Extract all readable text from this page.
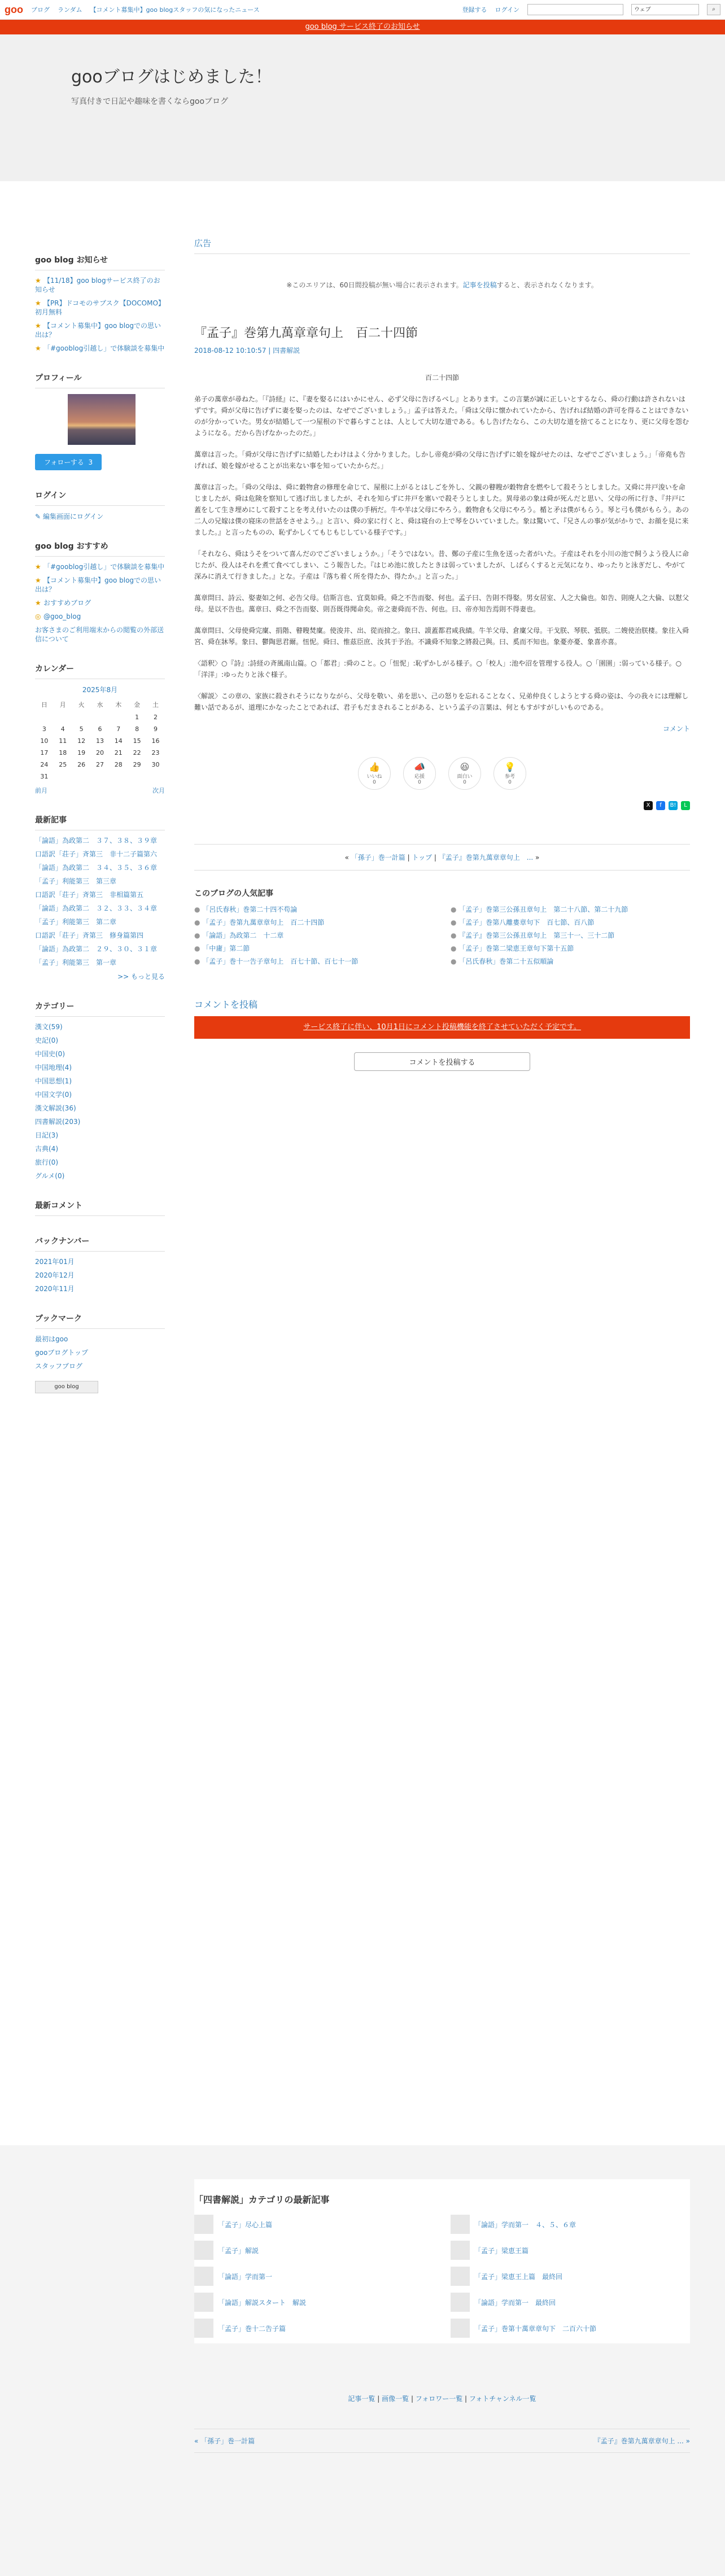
goo ブログ ランダム 【コメント募集中】goo blogスタッフの気になったニュース	登録する ログイン	ウェブ	⌕
goo blog サービス終了のお知らせ
gooブログはじめました！
写真付きで日記や趣味を書くならgooブログ
goo blog お知らせ
★ 【11/18】goo blogサービス終了のお知らせ
★ 【PR】ドコモのサブスク【DOCOMO】初月無料
★ 【コメント募集中】goo blogでの思い出は？
★ 「#gooblog引越し」で体験談を募集中
プロフィール
フォローする 3
ログイン
✎ 編集画面にログイン
goo blog おすすめ
★ 「#gooblog引越し」で体験談を募集中
★ 【コメント募集中】goo blogでの思い出は？
★ おすすめブログ
◎ @goo_blog
お客さまのご利用端末からの閲覧の外部送信について
カレンダー
2025年8月
日	月	火	水	木	金	土
					1	2
3	4	5	6	7	8	9
10	11	12	13	14	15	16
17	18	19	20	21	22	23
24	25	26	27	28	29	30
31						
前月	次月
最新記事
「論語」為政第二　３７、３８、３９章
口語訳「荘子」斉第三　非十二子篇第六
「論語」為政第二　３４、３５、３６章
「孟子」利能第三　第三章
口語訳「荘子」斉第三　非相篇第五
「論語」為政第二　３２、３３、３４章
「孟子」利能第三　第二章
口語訳「荘子」斉第三　修身篇第四
「論語」為政第二　２９、３０、３１章
「孟子」利能第三　第一章
>> もっと見る
カテゴリー
漢文(59)
史記(0)
中国史(0)
中国地理(4)
中国思想(1)
中国文学(0)
漢文解説(36)
四書解説(203)
日記(3)
古典(4)
旅行(0)
グルメ(0)
最新コメント
バックナンバー
2021年01月
2020年12月
2020年11月
ブックマーク
最初はgoo
gooブログトップ
スタッフブログ
goo blog
広告
※このエリアは、60日間投稿が無い場合に表示されます。記事を投稿すると、表示されなくなります。
『孟子』巻第九萬章章句上　百二十四節
2018-08-12 10:10:57 | 四書解説

百二十四節

弟子の萬章が尋ねた。「『詩経』に、『妻を娶るにはいかにせん、必ず父母に告げるべし』とあります。この言葉が誠に正しいとするなら、舜の行動は許されないはずです。舜が父母に告げずに妻を娶ったのは、なぜでございましょう。」孟子は答えた。「舜は父母に懐かれていたから、告げれば結婚の許可を得ることはできないのが分かっていた。男女が結婚して一つ屋根の下で暮らすことは、人として大切な道である。もし告げたなら、この大切な道を捨てることになり、更に父母を怨むようになる。だから告げなかったのだ。」

萬章は言った。「舜が父母に告げずに結婚したわけはよく分かりました。しかし帝堯が舜の父母に告げずに娘を嫁がせたのは、なぜでございましょう。」「帝堯も告げれば、娘を嫁がせることが出来ない事を知っていたからだ。」

萬章は言った。「舜の父母は、舜に穀物倉の修理を命じて、屋根に上がるとはしごを外し、父親の瞽瞍が穀物倉を燃やして殺そうとしました。又舜に井戸浚いを命じましたが、舜は危険を察知して逃げ出しましたが、それを知らずに井戸を塞いで殺そうとしました。異母弟の象は舜が死んだと思い、父母の所に行き、『井戸に蓋をして生き埋めにして殺すことを考え付いたのは僕の手柄だ。牛や羊は父母にやろう。穀物倉も父母にやろう。楯と矛は僕がもらう。琴と弓も僕がもらう。あの二人の兄嫁は僕の寝床の世話をさせよう。』と言い、舜の家に行くと、舜は寝台の上で琴をひいていました。象は驚いて、『兄さんの事が気がかりで、お顔を見に来ました。』と言ったものの、恥ずかしくてもじもじしている様子です。」

「それなら、舜はうそをついて喜んだのでございましょうか。」「そうではない。昔、鄭の子産に生魚を送った者がいた。子産はそれを小川の池で飼うよう役人に命じたが、役人はそれを煮て食べてしまい、こう報告した。『はじめ池に放したときは弱っていましたが、しばらくすると元気になり、ゆったりと泳ぎだし、やがて深みに消えて行きました。』とな。子産は『落ち着く所を得たか、得たか。』と言った。」

萬章問曰、詩云、娶妻如之何、必告父母。信斯言也、宜莫如舜。舜之不告而娶、何也。孟子曰、告則不得娶。男女居室、人之大倫也。如告、則廃人之大倫、以懟父母。是以不告也。萬章曰、舜之不告而娶、則吾既得聞命矣。帝之妻舜而不告、何也。曰、帝亦知告焉則不得妻也。

萬章問曰、父母使舜完廩、捐階、瞽瞍焚廩。使浚井、出、從而揜之。象曰、謨蓋都君咸我績。牛羊父母、倉廩父母。干戈朕、琴朕、弤朕。二嫂使治朕棲。象往入舜宮、舜在牀琴。象曰、鬱陶思君爾。忸怩。舜曰、惟茲臣庶、汝其于予治。不識舜不知象之將殺己與。曰、奚而不知也。象憂亦憂、象喜亦喜。

〈語釈〉○『詩』:詩経の斉風南山篇。○「都君」:舜のこと。○「忸怩」:恥ずかしがる様子。○「校人」:池や沼を管理する役人。○「圉圉」:弱っている様子。○「洋洋」:ゆったりと泳ぐ様子。

〈解説〉この章の、家族に殺されそうになりながら、父母を敬い、弟を思い、己の怒りを忘れることなく、兄弟仲良くしようとする舜の姿は、今の我々には理解し難い話であるが、道理にかなったことであれば、君子もだまされることがある、という孟子の言葉は、何ともすがすがしいものである。

コメント

👍
いいね
0
📣
応援
0
😆
面白い
0
💡
参考
0
X	f	B!	L
« 「孫子」巻一計篇 | トップ | 『孟子』巻第九萬章章句上　... »
このブログの人気記事
● 「呂氏春秋」巻第二十四不苟論	● 「孟子」巻第三公孫丑章句上　第二十八節、第二十九節
● 「孟子」巻第九萬章章句上　百二十四節	● 「孟子」巻第八離婁章句下　百七節、百八節
● 「論語」為政第二　十二章	● 『孟子』巻第三公孫丑章句上　第三十一、三十二節
● 「中庸」第二節	● 「孟子」巻第二梁恵王章句下第十五節
● 「孟子」巻十一告子章句上　百七十節、百七十一節	● 「呂氏春秋」巻第二十五似順論
コメントを投稿
サービス終了に伴い、10月1日にコメント投稿機能を終了させていただく予定です。
コメントを投稿する
「四書解説」カテゴリの最新記事
「孟子」尽心上篇	「論語」学而第一　４、５、６章
「孟子」解説	「孟子」梁恵王篇
「論語」学而第一	「孟子」梁恵王上篇　最終回
「論語」解説スタート　解説	「論語」学而第一　最終回
「孟子」巻十二告子篇	「孟子」巻第十萬章章句下　二百六十節
記事一覧 | 画像一覧 | フォロワー一覧 | フォトチャンネル一覧
« 「孫子」巻一計篇	『孟子』巻第九萬章章句上 ... »
